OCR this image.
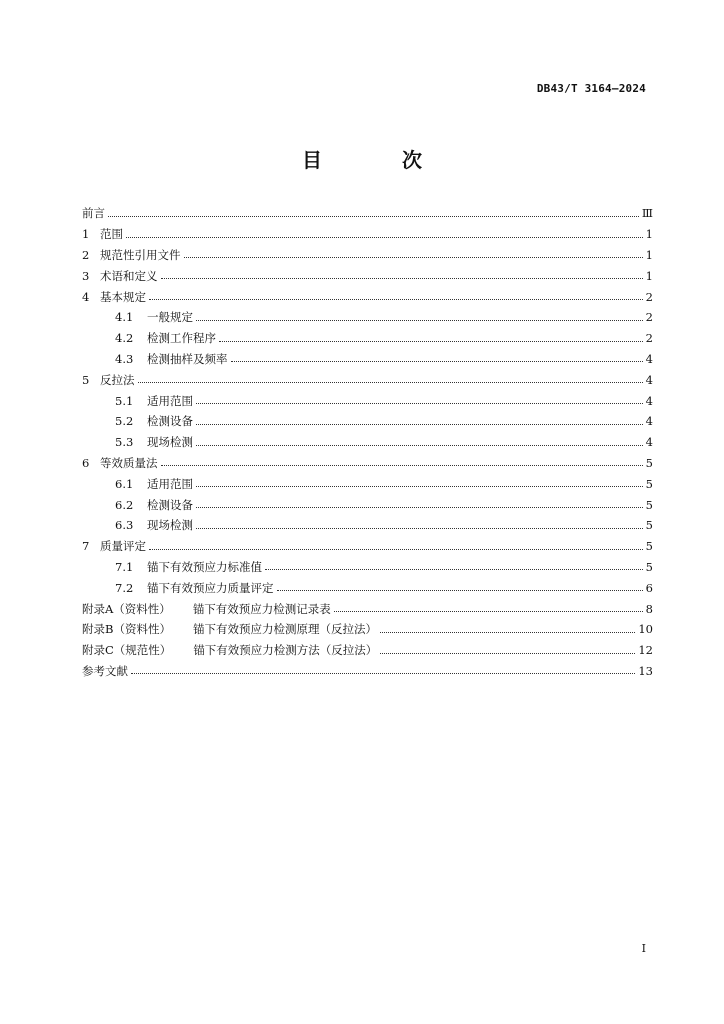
DB43/T 3164—2024
目　次
前言	Ⅲ
1 范围	1
2 规范性引用文件	1
3 术语和定义	1
4 基本规定	2
4.1	一般规定	2
4.2	检测工作程序	2
4.3	检测抽样及频率	4
5 反拉法	4
5.1	适用范围	4
5.2	检测设备	4
5.3	现场检测	4
6 等效质量法	5
6.1	适用范围	5
6.2	检测设备	5
6.3	现场检测	5
7 质量评定	5
7.1	锚下有效预应力标准值	5
7.2	锚下有效预应力质量评定	6
附录A（资料性） 锚下有效预应力检测记录表	8
附录B（资料性） 锚下有效预应力检测原理（反拉法）	10
附录C（规范性） 锚下有效预应力检测方法（反拉法）	12
参考文献	13
I
